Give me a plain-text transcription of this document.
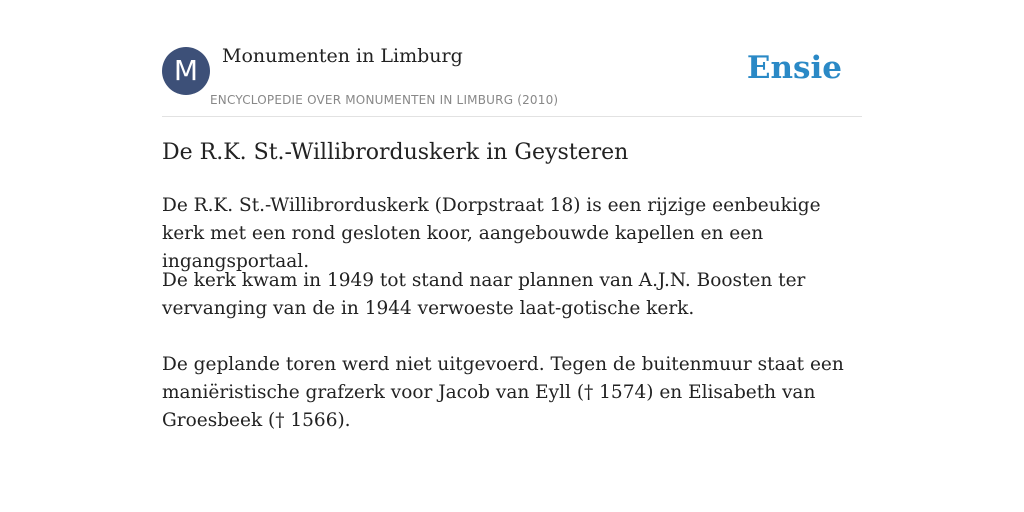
M	Monumenten in Limburg
ENCYCLOPEDIE OVER MONUMENTEN IN LIMBURG (2010)
Ensie
De R.K. St.-Willibrorduskerk in Geysteren

De R.K. St.-Willibrorduskerk (Dorpstraat 18) is een rijzige eenbeukige kerk met een rond gesloten koor, aangebouwde kapellen en een ingangsportaal.

De kerk kwam in 1949 tot stand naar plannen van A.J.N. Boosten ter vervanging van de in 1944 verwoeste laat-gotische kerk.

De geplande toren werd niet uitgevoerd. Tegen de buitenmuur staat een maniëristische grafzerk voor Jacob van Eyll († 1574) en Elisabeth van Groesbeek († 1566).
